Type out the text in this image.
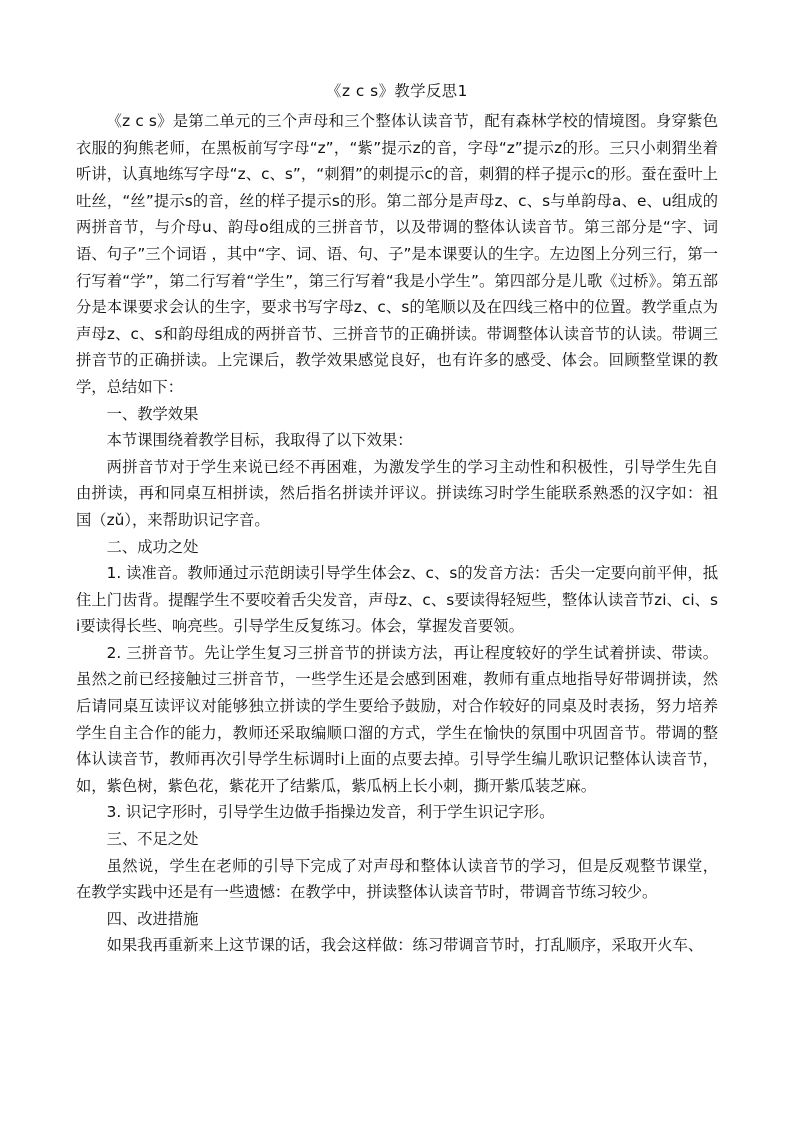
《z c s》教学反思1

《z c s》是第二单元的三个声母和三个整体认读音节，配有森林学校的情境图。身穿紫色衣服的狗熊老师，在黑板前写字母“z”，“紫”提示z的音，字母“z”提示z的形。三只小刺猬坐着听讲，认真地练写字母“z、c、s”，“刺猬”的刺提示c的音，刺猬的样子提示c的形。蚕在蚕叶上吐丝，“丝”提示s的音，丝的样子提示s的形。第二部分是声母z、c、s与单韵母a、e、u组成的两拼音节，与介母u、韵母o组成的三拼音节，以及带调的整体认读音节。第三部分是“字、词语、句子”三个词语 ，其中“字、词、语、句、子”是本课要认的生字。左边图上分列三行，第一行写着“学”，第二行写着“学生”，第三行写着“我是小学生”。第四部分是儿歌《过桥》。第五部分是本课要求会认的生字，要求书写字母z、c、s的笔顺以及在四线三格中的位置。教学重点为声母z、c、s和韵母组成的两拼音节、三拼音节的正确拼读。带调整体认读音节的认读。带调三拼音节的正确拼读。上完课后，教学效果感觉良好，也有许多的感受、体会。回顾整堂课的教学，总结如下：

一、教学效果

本节课围绕着教学目标，我取得了以下效果：

两拼音节对于学生来说已经不再困难，为激发学生的学习主动性和积极性，引导学生先自由拼读，再和同桌互相拼读，然后指名拼读并评议。拼读练习时学生能联系熟悉的汉字如：祖国（zǔ），来帮助识记字音。

二、成功之处

1. 读准音。教师通过示范朗读引导学生体会z、c、s的发音方法：舌尖一定要向前平伸，抵住上门齿背。提醒学生不要咬着舌尖发音，声母z、c、s要读得轻短些，整体认读音节zi、ci、si要读得长些、响亮些。引导学生反复练习。体会，掌握发音要领。

2. 三拼音节。先让学生复习三拼音节的拼读方法，再让程度较好的学生试着拼读、带读。虽然之前已经接触过三拼音节，一些学生还是会感到困难，教师有重点地指导好带调拼读，然后请同桌互读评议对能够独立拼读的学生要给予鼓励，对合作较好的同桌及时表扬，努力培养学生自主合作的能力，教师还采取编顺口溜的方式，学生在愉快的氛围中巩固音节。带调的整体认读音节，教师再次引导学生标调时i上面的点要去掉。引导学生编儿歌识记整体认读音节，如，紫色树，紫色花，紫花开了结紫瓜，紫瓜柄上长小刺，撕开紫瓜装芝麻。

3. 识记字形时，引导学生边做手指操边发音，利于学生识记字形。

三、不足之处

虽然说，学生在老师的引导下完成了对声母和整体认读音节的学习，但是反观整节课堂，在教学实践中还是有一些遗憾：在教学中，拼读整体认读音节时，带调音节练习较少。

四、改进措施

如果我再重新来上这节课的话，我会这样做：练习带调音节时，打乱顺序，采取开火车、
